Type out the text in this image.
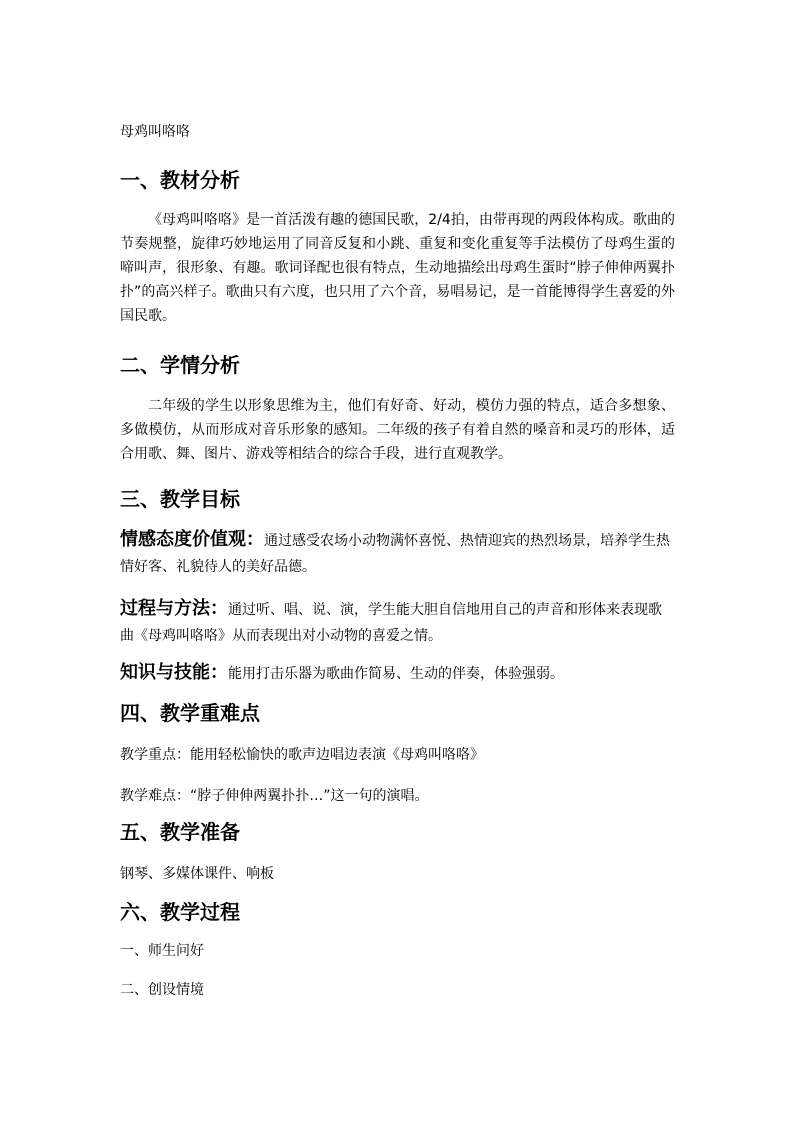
母鸡叫咯咯
一、教材分析
《母鸡叫咯咯》是一首活泼有趣的德国民歌，2/4拍，由带再现的两段体构成。歌曲的节奏规整，旋律巧妙地运用了同音反复和小跳、重复和变化重复等手法模仿了母鸡生蛋的啼叫声，很形象、有趣。歌词译配也很有特点，生动地描绘出母鸡生蛋时“脖子伸伸两翼扑扑”的高兴样子。歌曲只有六度，也只用了六个音，易唱易记，是一首能博得学生喜爱的外国民歌。
二、学情分析
二年级的学生以形象思维为主，他们有好奇、好动，模仿力强的特点，适合多想象、多做模仿，从而形成对音乐形象的感知。二年级的孩子有着自然的嗓音和灵巧的形体，适合用歌、舞、图片、游戏等相结合的综合手段，进行直观教学。
三、教学目标
情感态度价值观：通过感受农场小动物满怀喜悦、热情迎宾的热烈场景，培养学生热情好客、礼貌待人的美好品德。
过程与方法：通过听、唱、说、演，学生能大胆自信地用自己的声音和形体来表现歌曲《母鸡叫咯咯》从而表现出对小动物的喜爱之情。
知识与技能：能用打击乐器为歌曲作简易、生动的伴奏，体验强弱。
四、教学重难点
教学重点：能用轻松愉快的歌声边唱边表演《母鸡叫咯咯》
教学难点：“脖子伸伸两翼扑扑…”这一句的演唱。
五、教学准备
钢琴、多媒体课件、响板
六、教学过程
一、师生问好
二、创设情境
